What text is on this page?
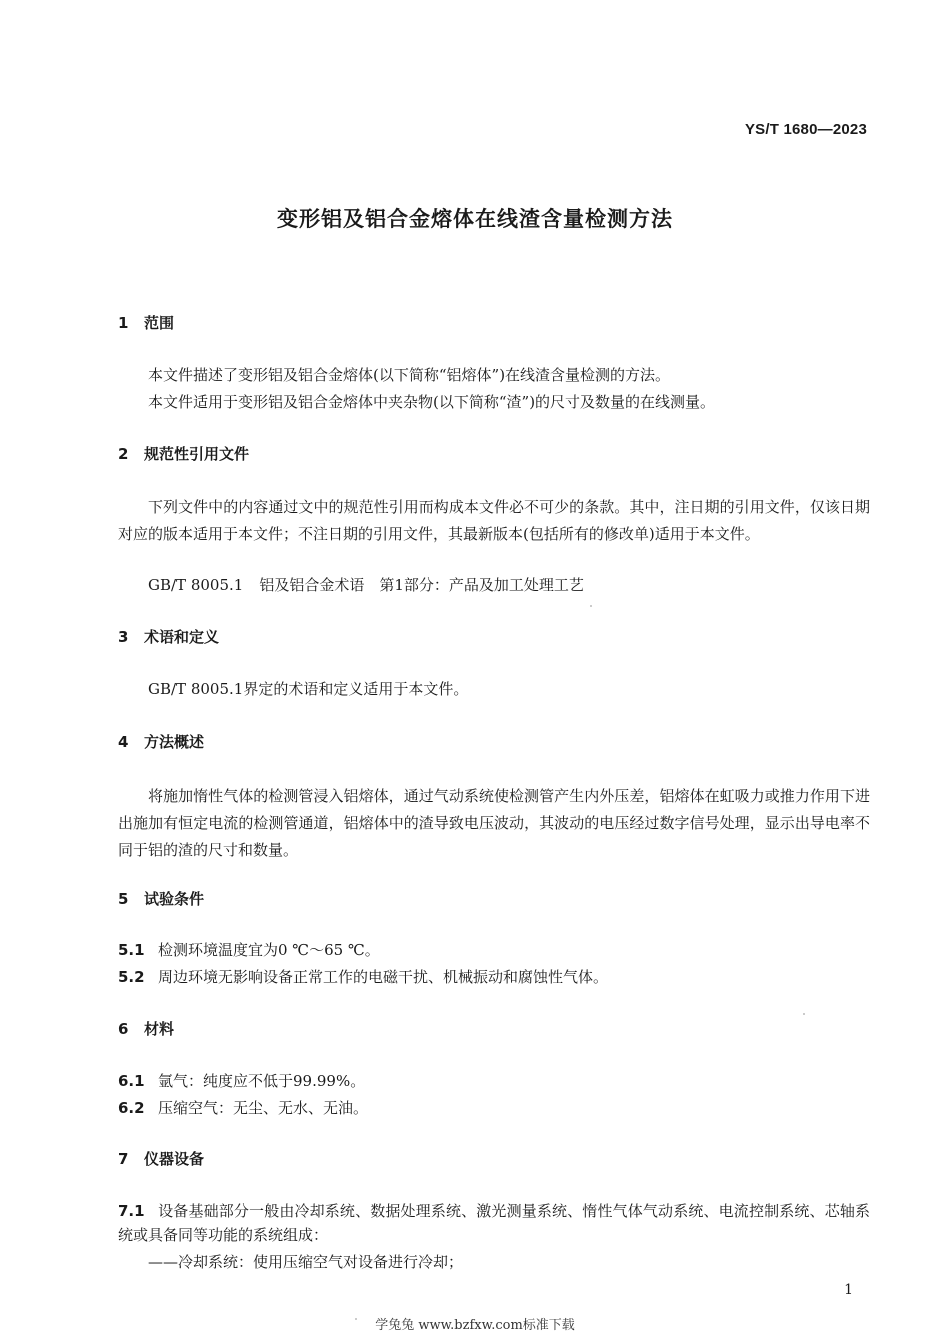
YS/T 1680—2023
变形铝及铝合金熔体在线渣含量检测方法
1 范围
本文件描述了变形铝及铝合金熔体(以下简称“铝熔体”)在线渣含量检测的方法。
本文件适用于变形铝及铝合金熔体中夹杂物(以下简称“渣”)的尺寸及数量的在线测量。
2 规范性引用文件
下列文件中的内容通过文中的规范性引用而构成本文件必不可少的条款。其中，注日期的引用文件，仅该日期对应的版本适用于本文件；不注日期的引用文件，其最新版本(包括所有的修改单)适用于本文件。
GB/T 8005.1 铝及铝合金术语　第1部分：产品及加工处理工艺
3 术语和定义
GB/T 8005.1界定的术语和定义适用于本文件。
4 方法概述
将施加惰性气体的检测管浸入铝熔体，通过气动系统使检测管产生内外压差，铝熔体在虹吸力或推力作用下进出施加有恒定电流的检测管通道，铝熔体中的渣导致电压波动，其波动的电压经过数字信号处理，显示出导电率不同于铝的渣的尺寸和数量。
5 试验条件
5.1 检测环境温度宜为0 ℃～65 ℃。
5.2 周边环境无影响设备正常工作的电磁干扰、机械振动和腐蚀性气体。
6 材料
6.1 氩气：纯度应不低于99.99%。
6.2 压缩空气：无尘、无水、无油。
7 仪器设备
7.1 设备基础部分一般由冷却系统、数据处理系统、激光测量系统、惰性气体气动系统、电流控制系统、芯轴系统或具备同等功能的系统组成：
——冷却系统：使用压缩空气对设备进行冷却；
1
学兔兔 www.bzfxw.com标准下载
